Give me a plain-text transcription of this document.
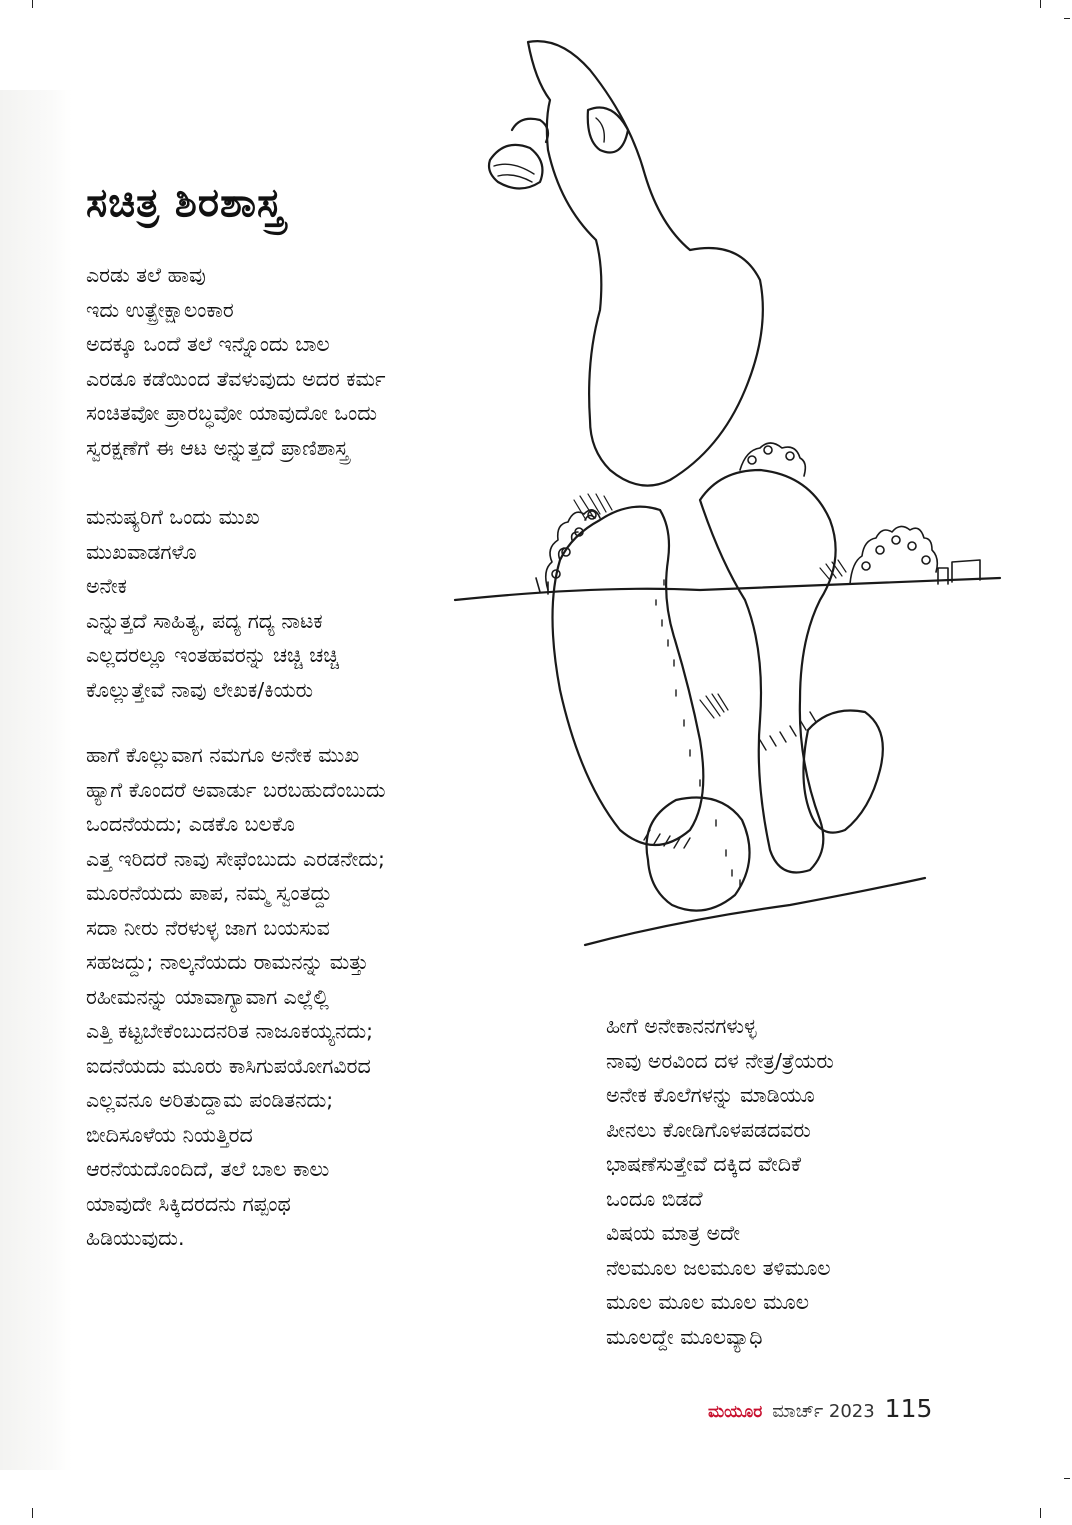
ಸಚಿತ್ರ ಶಿರಶಾಸ್ತ್ರ
ಎರಡು ತಲೆ ಹಾವು
ಇದು ಉತ್ಪ್ರೇಕ್ಷಾಲಂಕಾರ
ಅದಕ್ಕೂ ಒಂದೆ ತಲೆ ಇನ್ನೊಂದು ಬಾಲ
ಎರಡೂ ಕಡೆಯಿಂದ ತೆವಳುವುದು ಅದರ ಕರ್ಮ
ಸಂಚಿತವೋ ಪ್ರಾರಬ್ಧವೋ ಯಾವುದೋ ಒಂದು
ಸ್ವರಕ್ಷಣೆಗೆ ಈ ಆಟ ಅನ್ನುತ್ತದೆ ಪ್ರಾಣಿಶಾಸ್ತ್ರ
ಮನುಷ್ಯರಿಗೆ ಒಂದು ಮುಖ
ಮುಖವಾಡಗಳೊ
ಅನೇಕ
ಎನ್ನುತ್ತದೆ ಸಾಹಿತ್ಯ, ಪದ್ಯ ಗದ್ಯ ನಾಟಕ
ಎಲ್ಲದರಲ್ಲೂ ಇಂತಹವರನ್ನು ಚಚ್ಚಿ ಚಚ್ಚಿ
ಕೊಲ್ಲುತ್ತೇವೆ ನಾವು ಲೇಖಕ/ಕಿಯರು
ಹಾಗೆ ಕೊಲ್ಲುವಾಗ ನಮಗೂ ಅನೇಕ ಮುಖ
ಹ್ಯಾಗೆ ಕೊಂದರೆ ಅವಾರ್ಡು ಬರಬಹುದೆಂಬುದು
ಒಂದನೆಯದು; ಎಡಕೊ ಬಲಕೊ
ಎತ್ತ ಇರಿದರೆ ನಾವು ಸೇಫೆಂಬುದು ಎರಡನೇದು;
ಮೂರನೆಯದು ಪಾಪ, ನಮ್ಮ ಸ್ವಂತದ್ದು
ಸದಾ ನೀರು ನೆರಳುಳ್ಳ ಜಾಗ ಬಯಸುವ
ಸಹಜದ್ದು; ನಾಲ್ಕನೆಯದು ರಾಮನನ್ನು ಮತ್ತು
ರಹೀಮನನ್ನು ಯಾವಾಗ್ಯಾವಾಗ ಎಲ್ಲೆಲ್ಲಿ
ಎತ್ತಿ ಕಟ್ಟಬೇಕೆಂಬುದನರಿತ ನಾಜೂಕಯ್ಯನದು;
ಐದನೆಯದು ಮೂರು ಕಾಸಿಗುಪಯೋಗವಿರದ
ಎಲ್ಲವನೂ ಅರಿತುದ್ದಾಮ ಪಂಡಿತನದು;
ಬೀದಿಸೂಳೆಯ ನಿಯತ್ತಿರದ
ಆರನೆಯದೊಂದಿದೆ, ತಲೆ ಬಾಲ ಕಾಲು
ಯಾವುದೇ ಸಿಕ್ಕಿದರದನು ಗಪ್ಪಂಥ
ಹಿಡಿಯುವುದು.
ಹೀಗೆ ಅನೇಕಾನನಗಳುಳ್ಳ
ನಾವು ಅರವಿಂದ ದಳ ನೇತ್ರ/ತ್ರೆಯರು
ಅನೇಕ ಕೊಲೆಗಳನ್ನು ಮಾಡಿಯೂ
ಪೀನಲು ಕೋಡಿಗೊಳಪಡದವರು
ಭಾಷಣೆಸುತ್ತೇವೆ ದಕ್ಕಿದ ವೇದಿಕೆ
ಒಂದೂ ಬಿಡದೆ
ವಿಷಯ ಮಾತ್ರ ಅದೇ
ನೆಲಮೂಲ ಜಲಮೂಲ ತಳಿಮೂಲ
ಮೂಲ ಮೂಲ ಮೂಲ ಮೂಲ
ಮೂಲದ್ದೇ ಮೂಲವ್ಯಾಧಿ
ಮಯೂರ ಮಾರ್ಚ್ 2023 115
